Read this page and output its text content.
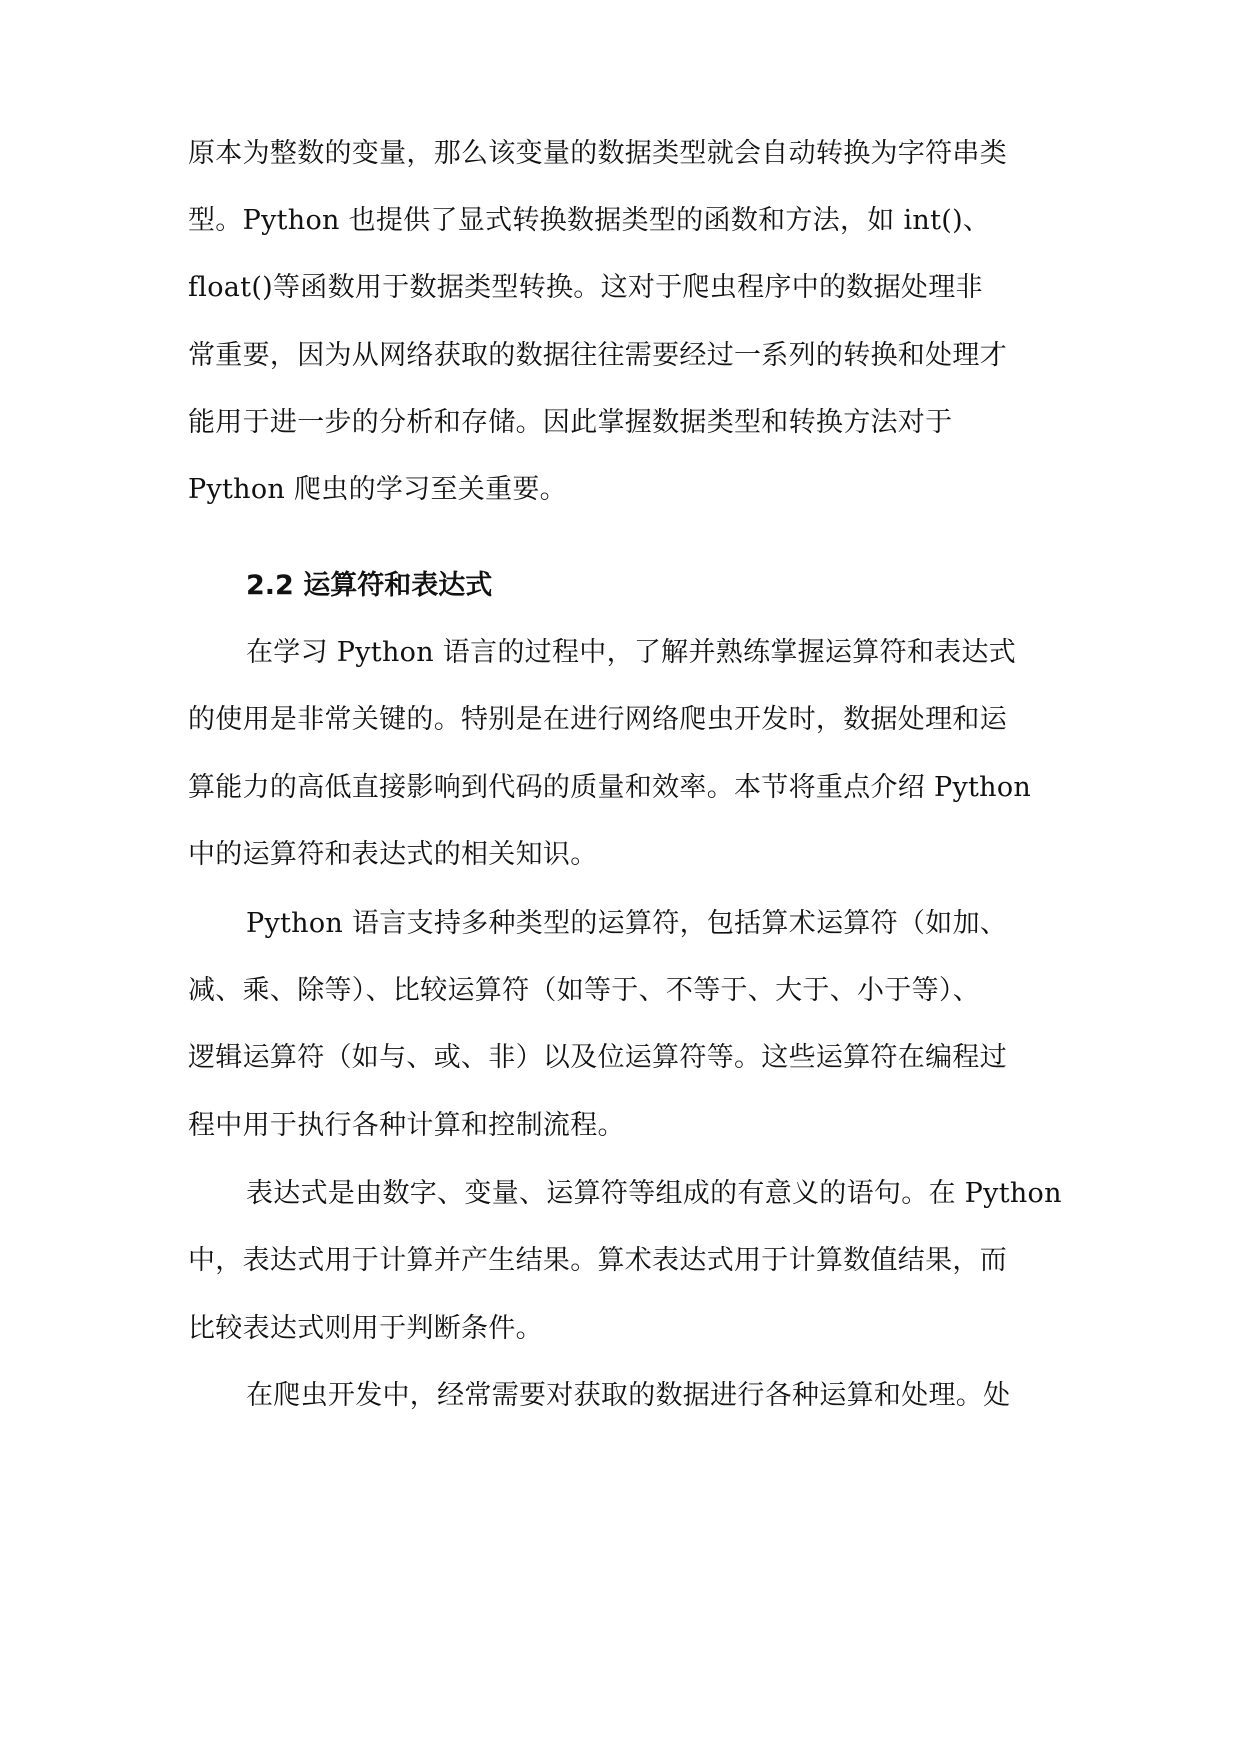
原本为整数的变量，那么该变量的数据类型就会自动转换为字符串类
型。Python 也提供了显式转换数据类型的函数和方法，如 int()、
float()等函数用于数据类型转换。这对于爬虫程序中的数据处理非
常重要，因为从网络获取的数据往往需要经过一系列的转换和处理才
能用于进一步的分析和存储。因此掌握数据类型和转换方法对于
Python 爬虫的学习至关重要。
2.2 运算符和表达式
在学习 Python 语言的过程中，了解并熟练掌握运算符和表达式
的使用是非常关键的。特别是在进行网络爬虫开发时，数据处理和运
算能力的高低直接影响到代码的质量和效率。本节将重点介绍 Python
中的运算符和表达式的相关知识。
Python 语言支持多种类型的运算符，包括算术运算符（如加、
减、乘、除等）、比较运算符（如等于、不等于、大于、小于等）、
逻辑运算符（如与、或、非）以及位运算符等。这些运算符在编程过
程中用于执行各种计算和控制流程。
表达式是由数字、变量、运算符等组成的有意义的语句。在 Python
中，表达式用于计算并产生结果。算术表达式用于计算数值结果，而
比较表达式则用于判断条件。
在爬虫开发中，经常需要对获取的数据进行各种运算和处理。处
